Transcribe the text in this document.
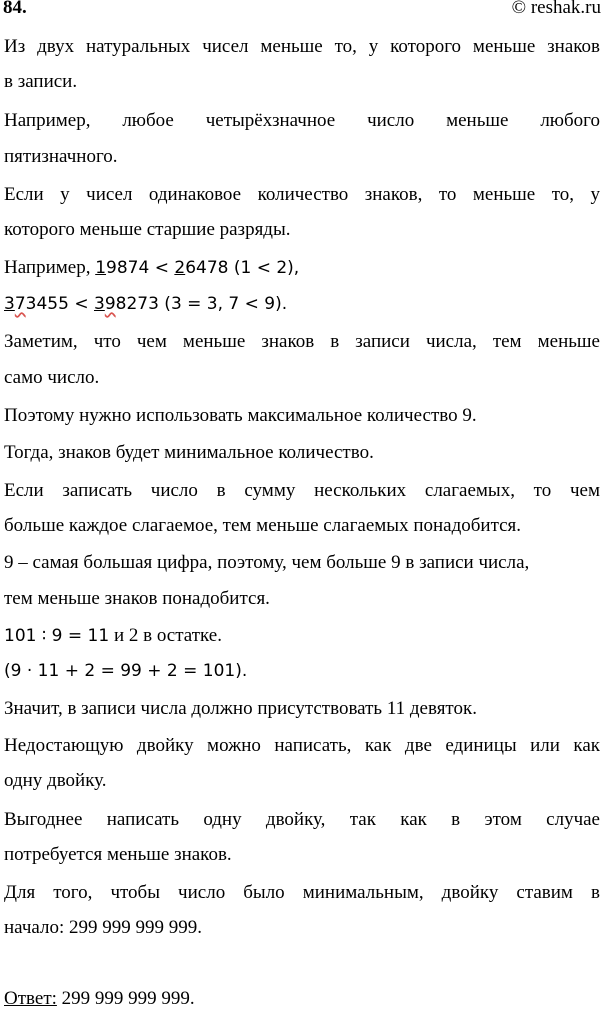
84.	© reshak.ru
Из двух натуральных чисел меньше то, у которого меньше знаков
в записи.
Например, любое четырёхзначное число меньше любого
пятизначного.
Если у чисел одинаковое количество знаков, то меньше то, у
которого меньше старшие разряды.
Например, 19874 < 26478 (1 < 2),
373455 < 398273 (3 = 3, 7 < 9).
Заметим, что чем меньше знаков в записи числа, тем меньше
само число.
Поэтому нужно использовать максимальное количество 9.
Тогда, знаков будет минимальное количество.
Если записать число в сумму нескольких слагаемых, то чем
больше каждое слагаемое, тем меньше слагаемых понадобится.
9 – самая большая цифра, поэтому, чем больше 9 в записи числа,
тем меньше знаков понадобится.
101 ∶ 9 = 11 и 2 в остатке.
(9 · 11 + 2 = 99 + 2 = 101).
Значит, в записи числа должно присутствовать 11 девяток.
Недостающую двойку можно написать, как две единицы или как
одну двойку.
Выгоднее написать одну двойку, так как в этом случае
потребуется меньше знаков.
Для того, чтобы число было минимальным, двойку ставим в
начало: 299 999 999 999.
Ответ: 299 999 999 999.
